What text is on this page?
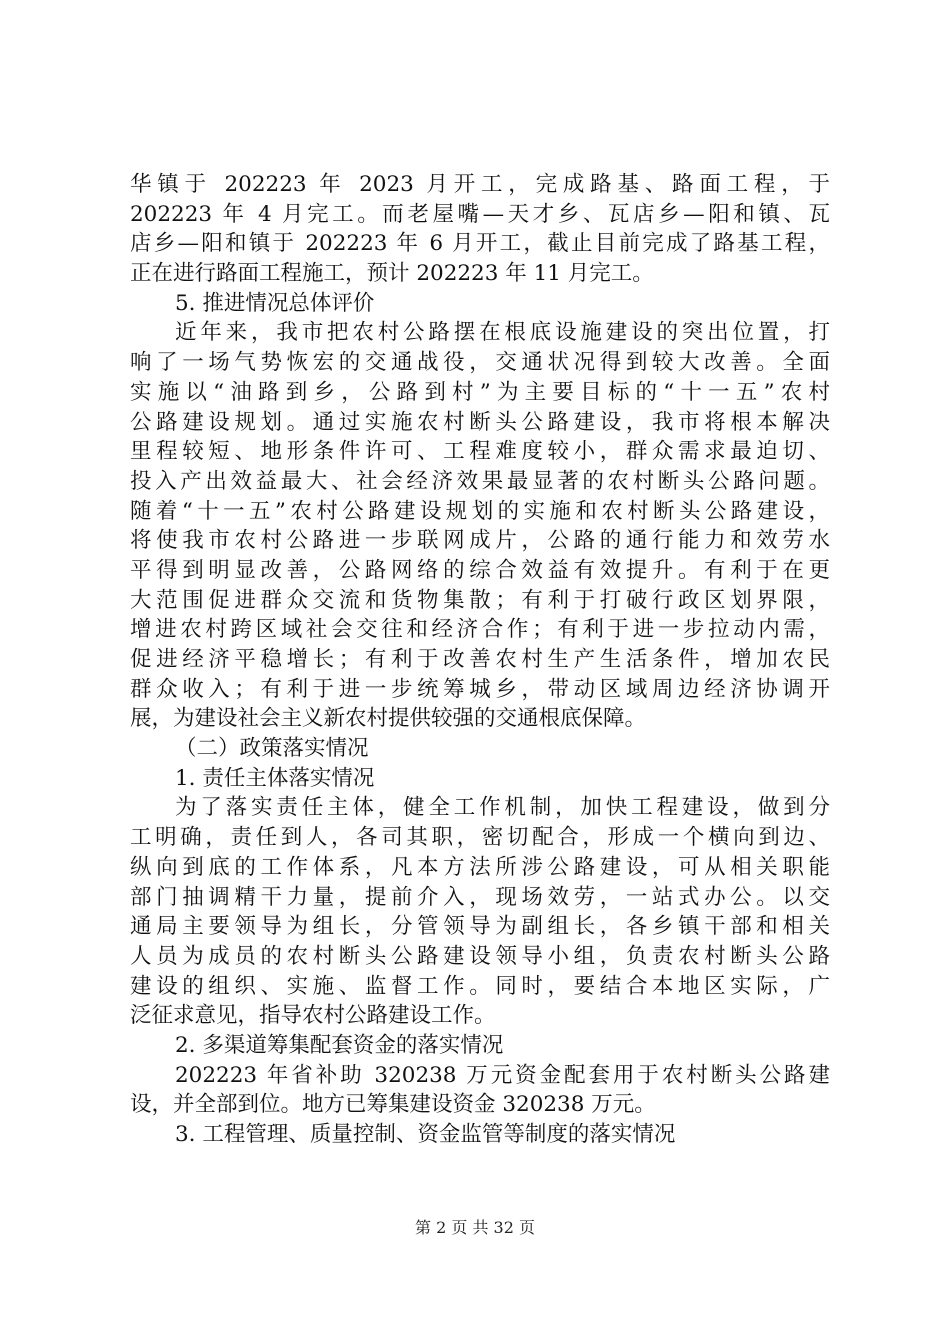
华镇于 202223 年 2023 月开工，完成路基、路面工程，于
202223 年 4 月完工。而老屋嘴—天才乡、瓦店乡—阳和镇、瓦
店乡—阳和镇于 202223 年 6 月开工，截止目前完成了路基工程，
正在进行路面工程施工，预计 202223 年 11 月完工。
5. 推进情况总体评价
近年来，我市把农村公路摆在根底设施建设的突出位置，打
响了一场气势恢宏的交通战役，交通状况得到较大改善。全面
实施以“油路到乡，公路到村”为主要目标的“十一五”农村
公路建设规划。通过实施农村断头公路建设，我市将根本解决
里程较短、地形条件许可、工程难度较小，群众需求最迫切、
投入产出效益最大、社会经济效果最显著的农村断头公路问题。
随着“十一五”农村公路建设规划的实施和农村断头公路建设，
将使我市农村公路进一步联网成片，公路的通行能力和效劳水
平得到明显改善，公路网络的综合效益有效提升。有利于在更
大范围促进群众交流和货物集散；有利于打破行政区划界限，
增进农村跨区域社会交往和经济合作；有利于进一步拉动内需，
促进经济平稳增长；有利于改善农村生产生活条件，增加农民
群众收入；有利于进一步统筹城乡，带动区域周边经济协调开
展，为建设社会主义新农村提供较强的交通根底保障。
（二）政策落实情况
1. 责任主体落实情况
为了落实责任主体，健全工作机制，加快工程建设，做到分
工明确，责任到人，各司其职，密切配合，形成一个横向到边、
纵向到底的工作体系，凡本方法所涉公路建设，可从相关职能
部门抽调精干力量，提前介入，现场效劳，一站式办公。以交
通局主要领导为组长，分管领导为副组长，各乡镇干部和相关
人员为成员的农村断头公路建设领导小组，负责农村断头公路
建设的组织、实施、监督工作。同时，要结合本地区实际，广
泛征求意见，指导农村公路建设工作。
2. 多渠道筹集配套资金的落实情况
202223 年省补助 320238 万元资金配套用于农村断头公路建
设，并全部到位。地方已筹集建设资金 320238 万元。
3. 工程管理、质量控制、资金监管等制度的落实情况
第 2 页 共 32 页
